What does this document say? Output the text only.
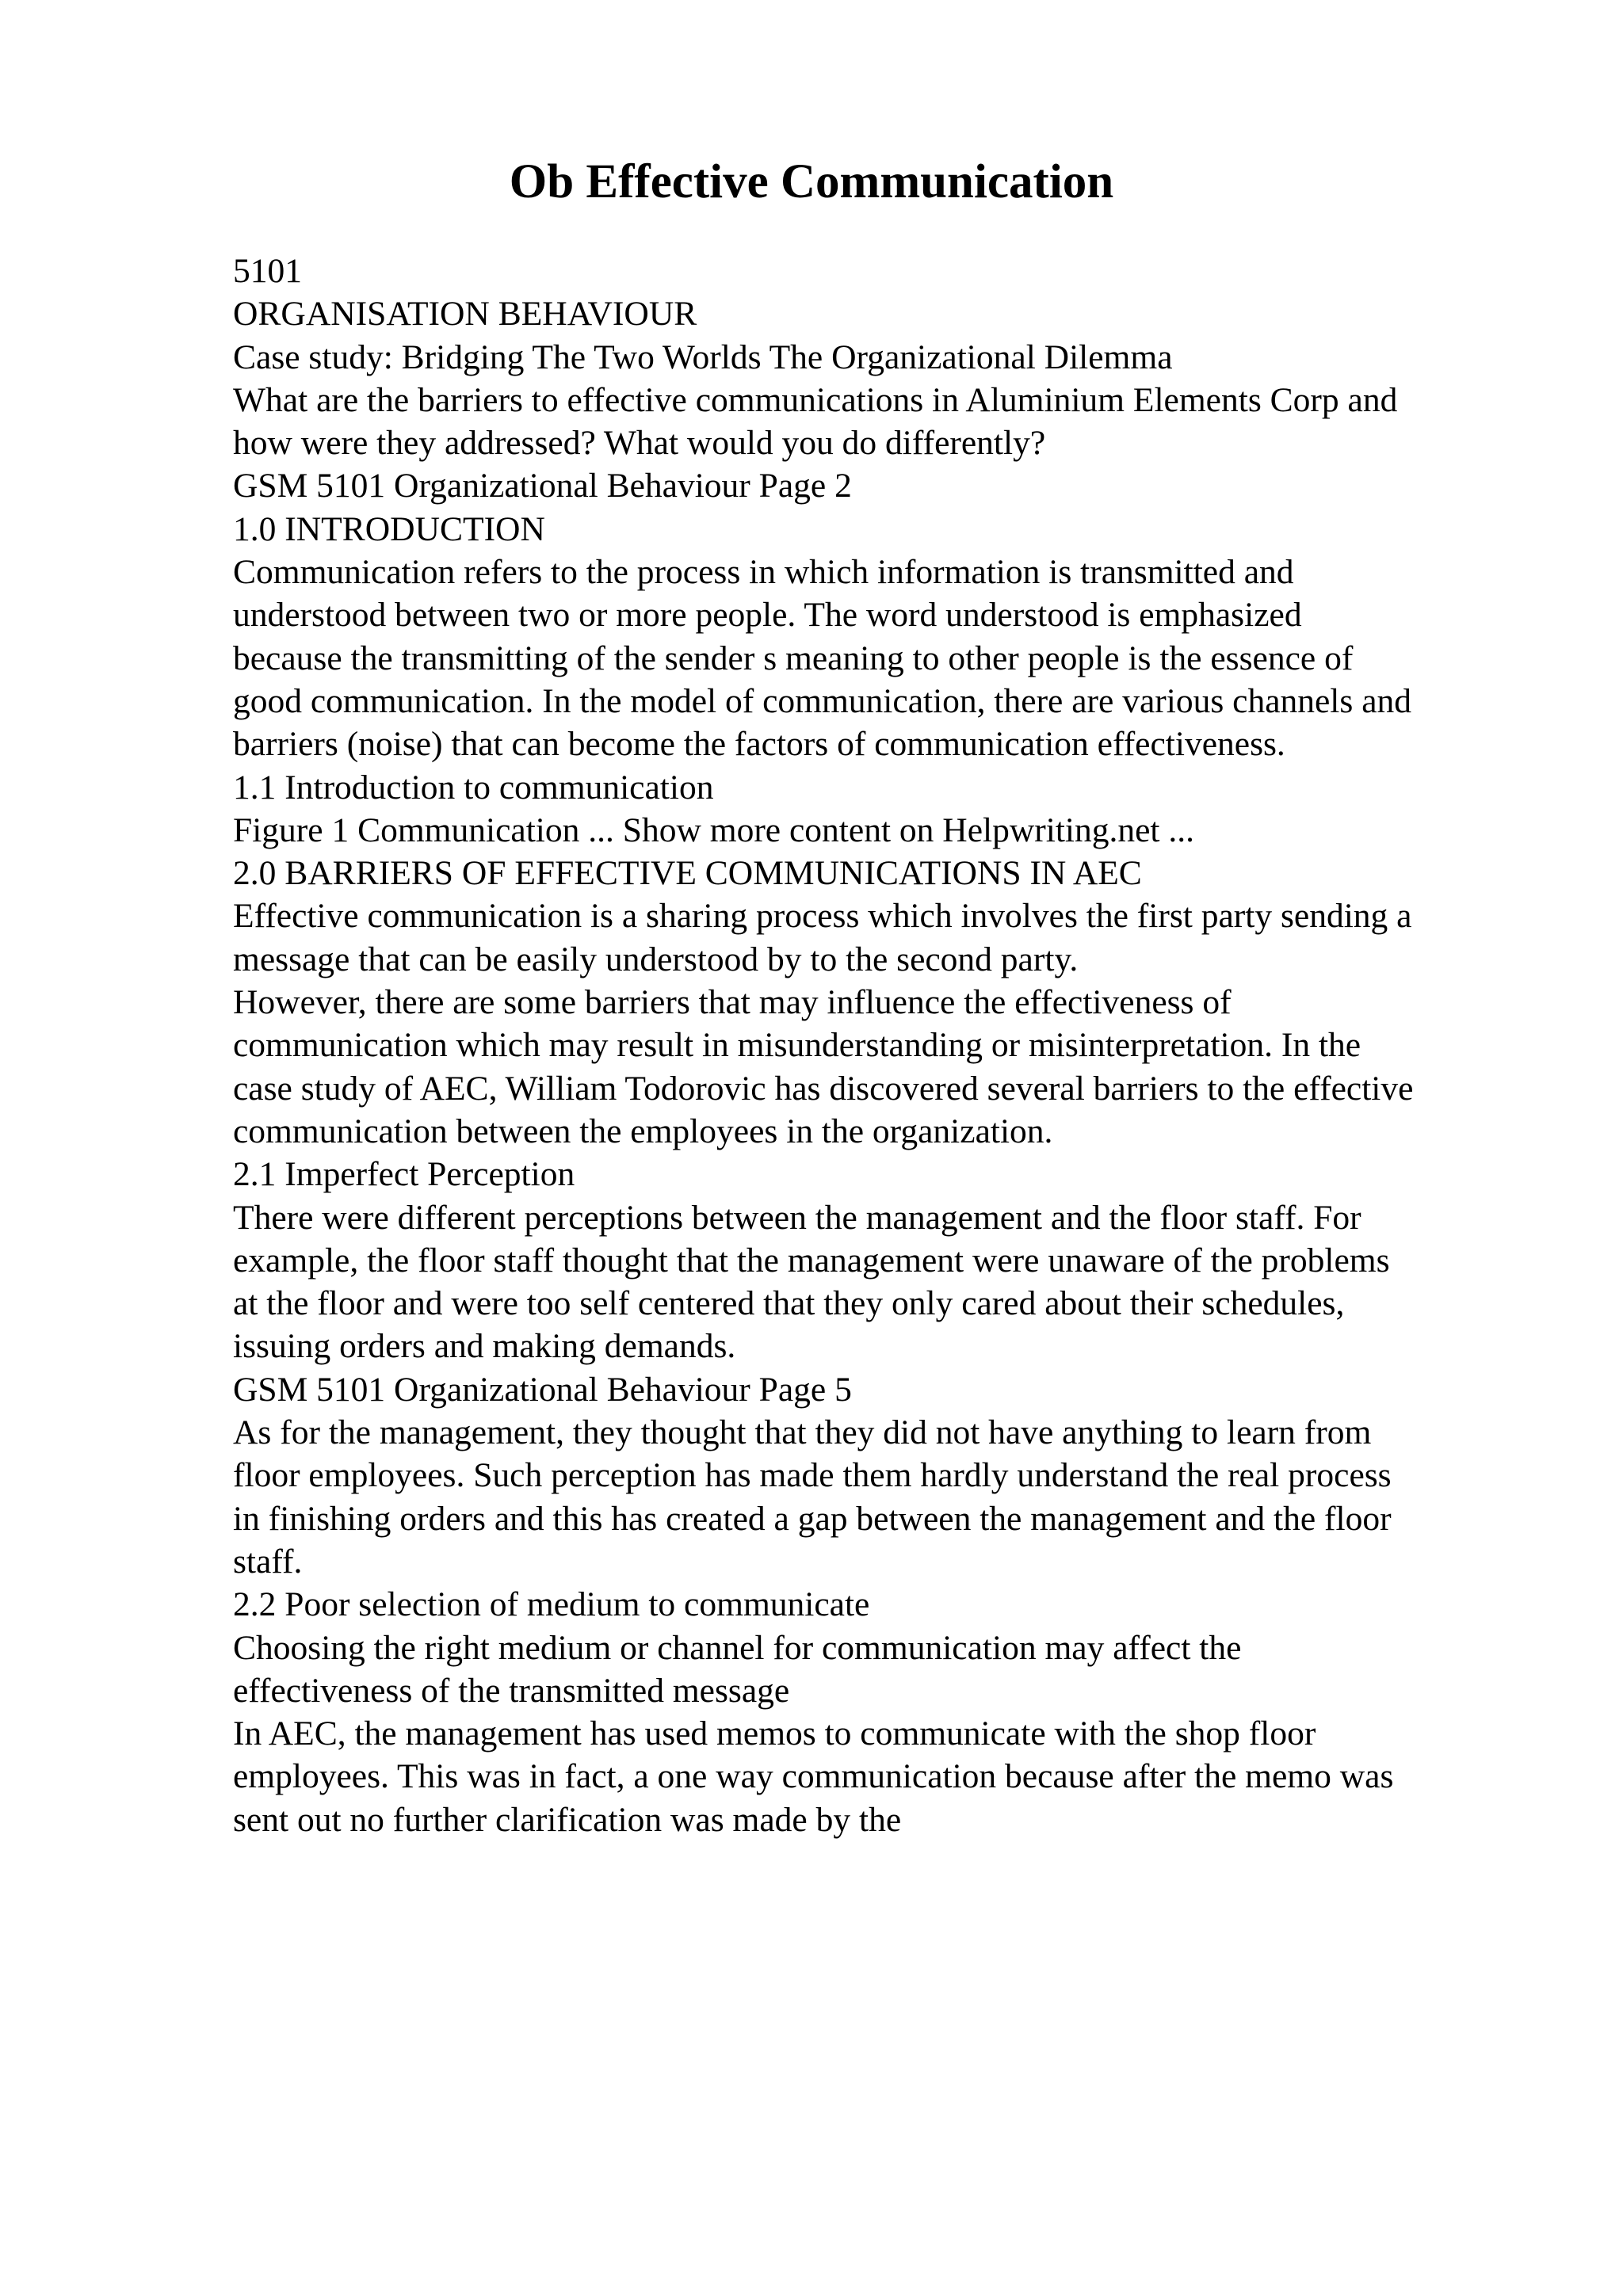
Ob Effective Communication

5101

ORGANISATION BEHAVIOUR

Case study: Bridging The Two Worlds The Organizational Dilemma

What are the barriers to effective communications in Aluminium Elements Corp and

how were they addressed? What would you do differently?

GSM 5101 Organizational Behaviour Page 2

1.0 INTRODUCTION

Communication refers to the process in which information is transmitted and

understood between two or more people. The word understood is emphasized

because the transmitting of the sender s meaning to other people is the essence of

good communication. In the model of communication, there are various channels and

barriers (noise) that can become the factors of communication effectiveness.

1.1 Introduction to communication

Figure 1 Communication ... Show more content on Helpwriting.net ...

2.0 BARRIERS OF EFFECTIVE COMMUNICATIONS IN AEC

Effective communication is a sharing process which involves the first party sending a

message that can be easily understood by to the second party.

However, there are some barriers that may influence the effectiveness of

communication which may result in misunderstanding or misinterpretation. In the

case study of AEC, William Todorovic has discovered several barriers to the effective

communication between the employees in the organization.

2.1 Imperfect Perception

There were different perceptions between the management and the floor staff. For

example, the floor staff thought that the management were unaware of the problems

at the floor and were too self centered that they only cared about their schedules,

issuing orders and making demands.

GSM 5101 Organizational Behaviour Page 5

As for the management, they thought that they did not have anything to learn from

floor employees. Such perception has made them hardly understand the real process

in finishing orders and this has created a gap between the management and the floor

staff.

2.2 Poor selection of medium to communicate

Choosing the right medium or channel for communication may affect the

effectiveness of the transmitted message

In AEC, the management has used memos to communicate with the shop floor

employees. This was in fact, a one way communication because after the memo was

sent out no further clarification was made by the
